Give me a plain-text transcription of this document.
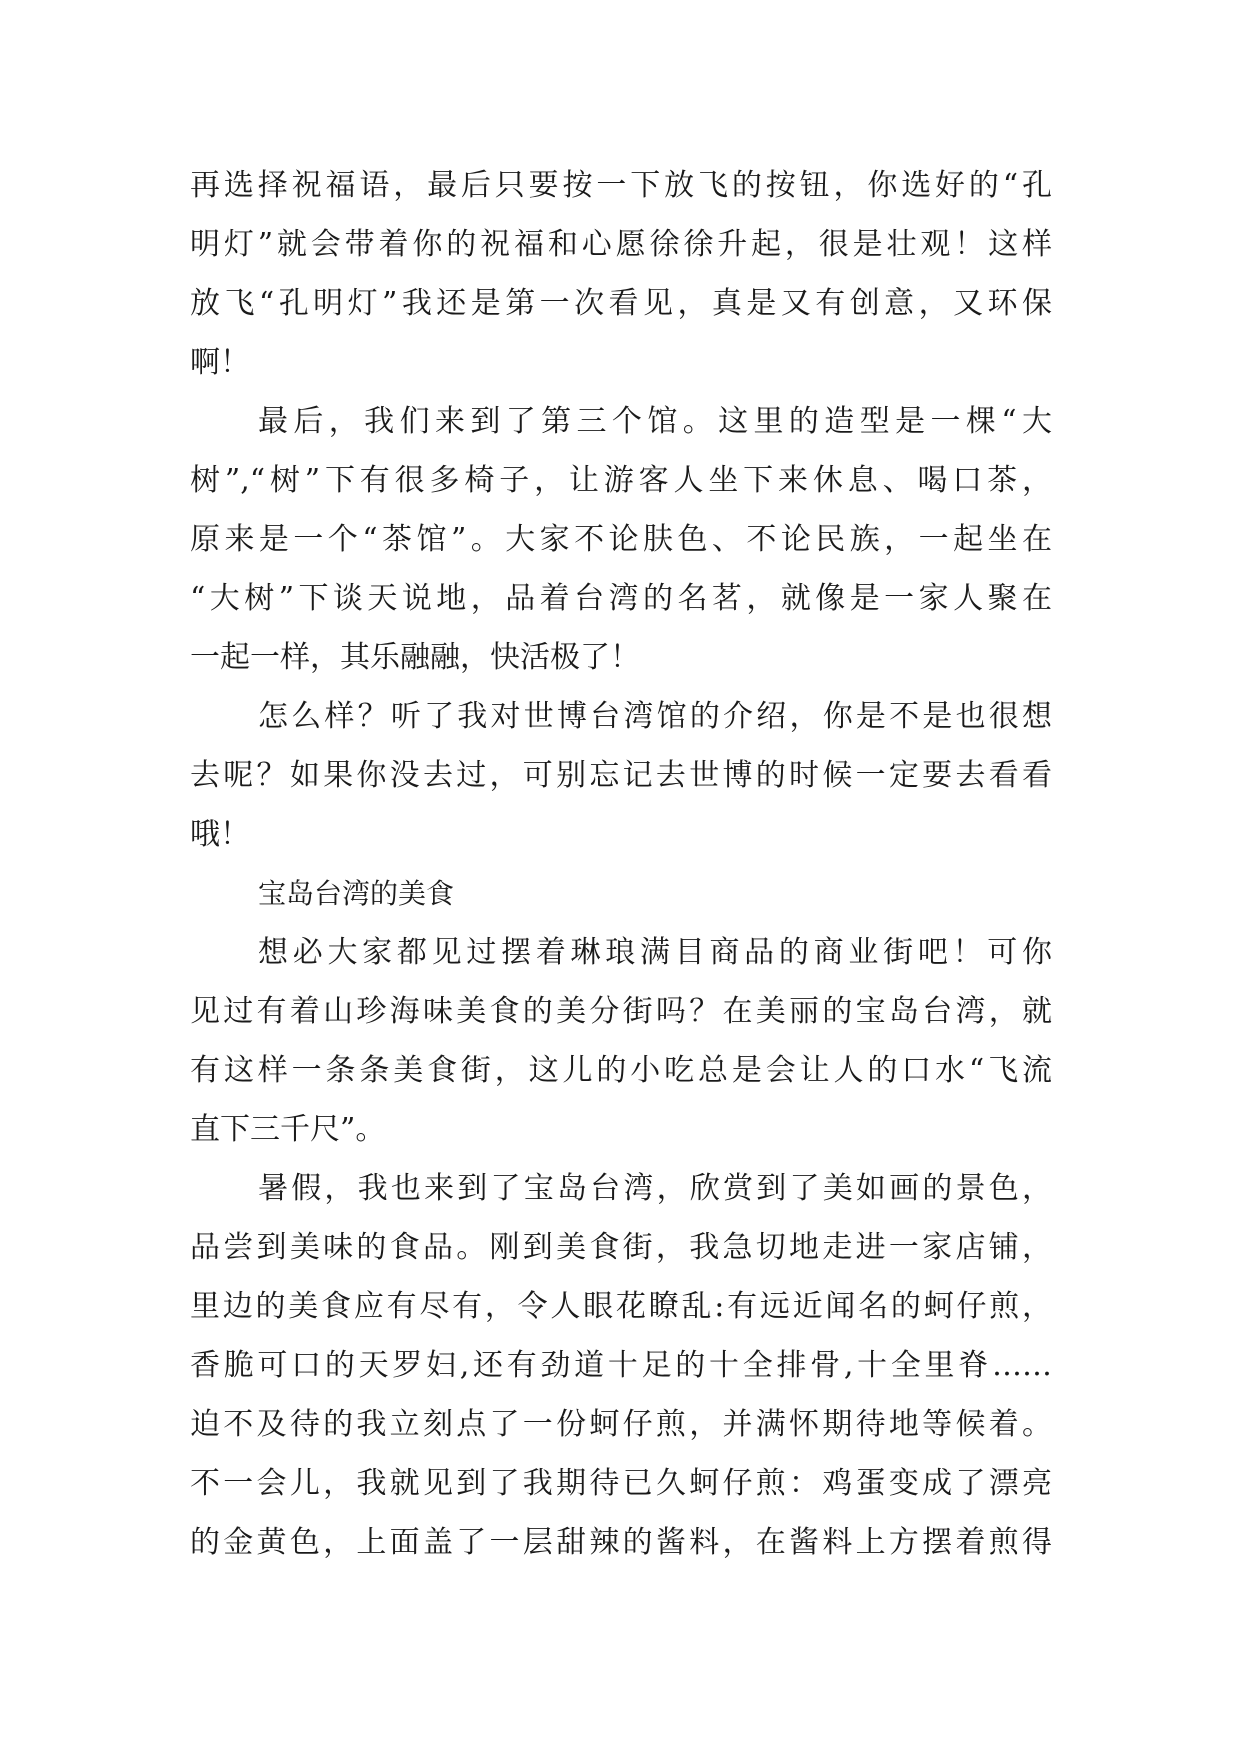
再选择祝福语，最后只要按一下放飞的按钮，你选好的“孔
明灯”就会带着你的祝福和心愿徐徐升起，很是壮观！这样
放飞“孔明灯”我还是第一次看见，真是又有创意，又环保
啊！
最后，我们来到了第三个馆。这里的造型是一棵“大
树”,“树”下有很多椅子，让游客人坐下来休息、喝口茶，
原来是一个“茶馆”。大家不论肤色、不论民族，一起坐在
“大树”下谈天说地，品着台湾的名茗，就像是一家人聚在
一起一样，其乐融融，快活极了！
怎么样？听了我对世博台湾馆的介绍，你是不是也很想
去呢？如果你没去过，可别忘记去世博的时候一定要去看看
哦！
宝岛台湾的美食
想必大家都见过摆着琳琅满目商品的商业街吧！可你
见过有着山珍海味美食的美分街吗？在美丽的宝岛台湾，就
有这样一条条美食街，这儿的小吃总是会让人的口水“飞流
直下三千尺”。
暑假，我也来到了宝岛台湾，欣赏到了美如画的景色，
品尝到美味的食品。刚到美食街，我急切地走进一家店铺，
里边的美食应有尽有，令人眼花瞭乱:有远近闻名的蚵仔煎，
香脆可口的天罗妇,还有劲道十足的十全排骨,十全里脊……
迫不及待的我立刻点了一份蚵仔煎，并满怀期待地等候着。
不一会儿，我就见到了我期待已久蚵仔煎：鸡蛋变成了漂亮
的金黄色，上面盖了一层甜辣的酱料，在酱料上方摆着煎得
